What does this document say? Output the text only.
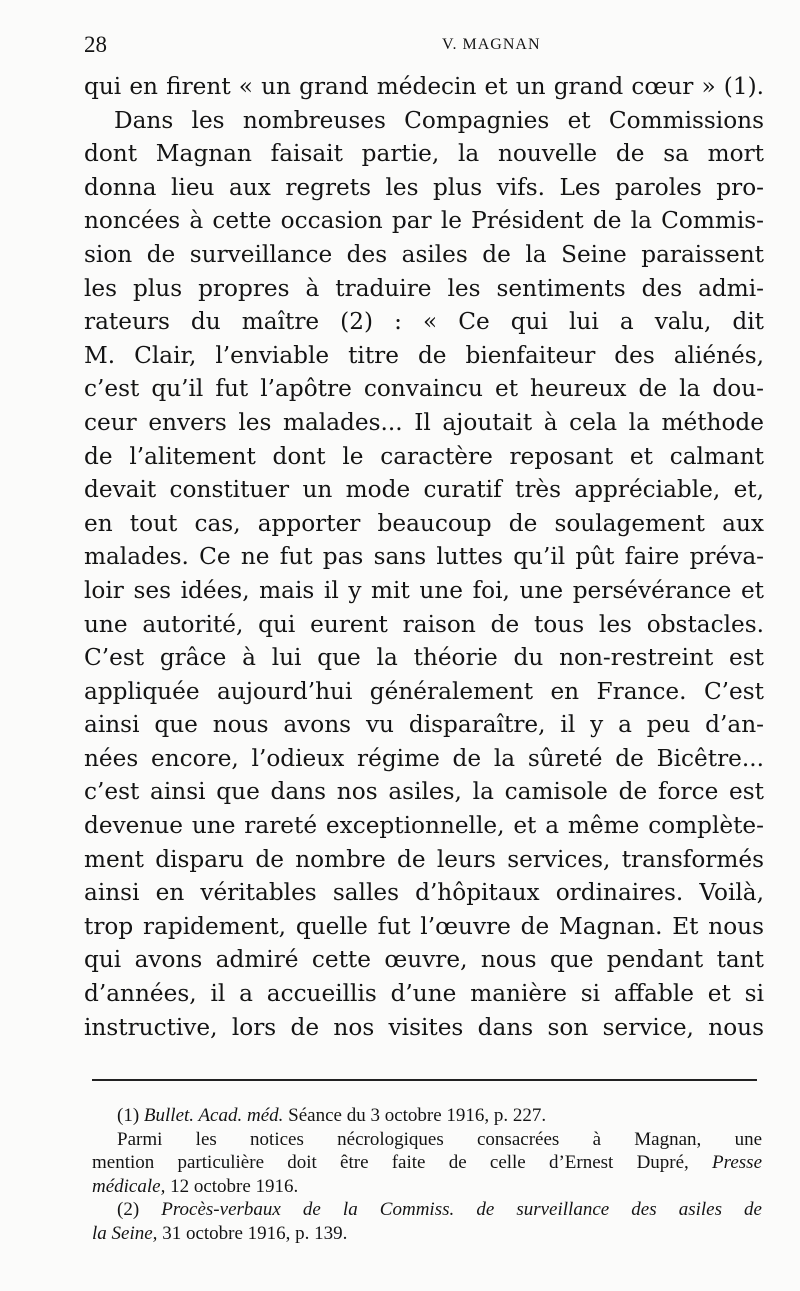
28	V. MAGNAN
qui en firent « un grand médecin et un grand cœur » (1).
Dans les nombreuses Compagnies et Commissions
dont Magnan faisait partie, la nouvelle de sa mort
donna lieu aux regrets les plus vifs. Les paroles pro-
noncées à cette occasion par le Président de la Commis-
sion de surveillance des asiles de la Seine paraissent
les plus propres à traduire les sentiments des admi-
rateurs du maître (2) : « Ce qui lui a valu, dit
M. Clair, l’enviable titre de bienfaiteur des aliénés,
c’est qu’il fut l’apôtre convaincu et heureux de la dou-
ceur envers les malades... Il ajoutait à cela la méthode
de l’alitement dont le caractère reposant et calmant
devait constituer un mode curatif très appréciable, et,
en tout cas, apporter beaucoup de soulagement aux
malades. Ce ne fut pas sans luttes qu’il pût faire préva-
loir ses idées, mais il y mit une foi, une persévérance et
une autorité, qui eurent raison de tous les obstacles.
C’est grâce à lui que la théorie du non-restreint est
appliquée aujourd’hui généralement en France. C’est
ainsi que nous avons vu disparaître, il y a peu d’an-
nées encore, l’odieux régime de la sûreté de Bicêtre...
c’est ainsi que dans nos asiles, la camisole de force est
devenue une rareté exceptionnelle, et a même complète-
ment disparu de nombre de leurs services, transformés
ainsi en véritables salles d’hôpitaux ordinaires. Voilà,
trop rapidement, quelle fut l’œuvre de Magnan. Et nous
qui avons admiré cette œuvre, nous que pendant tant
d’années, il a accueillis d’une manière si affable et si
instructive, lors de nos visites dans son service, nous
(1) Bullet. Acad. méd. Séance du 3 octobre 1916, p. 227.
Parmi les notices nécrologiques consacrées à Magnan, une
mention particulière doit être faite de celle d’Ernest Dupré, Presse
médicale, 12 octobre 1916.
(2) Procès-verbaux de la Commiss. de surveillance des asiles de
la Seine, 31 octobre 1916, p. 139.
